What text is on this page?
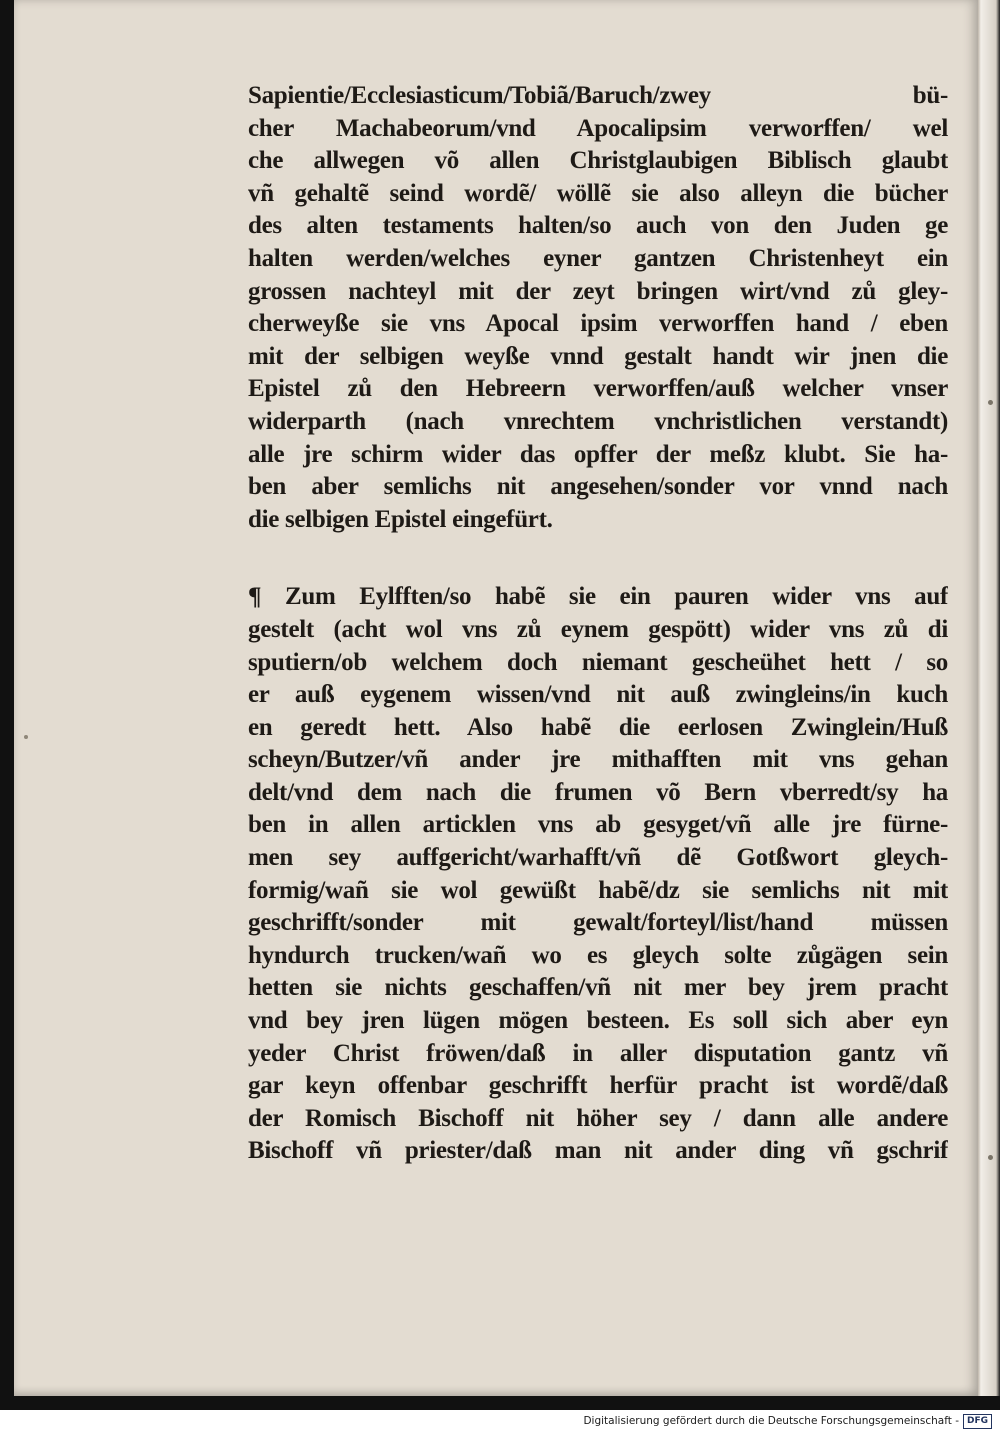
Sapientie/Ecclesiasticum/Tobiã/Baruch/zwey bü-
cher Machabeorum/vnd Apocalipsim verworffen/ wel
che allwegen võ allen Christglaubigen Biblisch glaubt
vñ gehaltẽ seind wordẽ/ wöllẽ sie also alleyn die bücher
des alten testaments halten/so auch von den Juden ge
halten werden/welches eyner gantzen Christenheyt ein
grossen nachteyl mit der zeyt bringen wirt/vnd zů gley-
cherweyße sie vns Apocal ipsim verworffen hand / eben
mit der selbigen weyße vnnd gestalt handt wir jnen die
Epistel zů den Hebreern verworffen/auß welcher vnser
widerparth (nach vnrechtem vnchristlichen verstandt)
alle jre schirm wider das opffer der meßz klubt. Sie ha-
ben aber semlichs nit angesehen/sonder vor vnnd nach
die selbigen Epistel eingefürt.
¶ Zum Eylfften/so habẽ sie ein pauren wider vns auf
gestelt (acht wol vns zů eynem gespött) wider vns zů di
sputiern/ob welchem doch niemant gescheühet hett / so
er auß eygenem wissen/vnd nit auß zwingleins/in kuch
en geredt hett. Also habẽ die eerlosen Zwinglein/Huß
scheyn/Butzer/vñ ander jre mithafften mit vns gehan
delt/vnd dem nach die frumen võ Bern vberredt/sy ha
ben in allen articklen vns ab gesyget/vñ alle jre fürne-
men sey auffgericht/warhafft/vñ dẽ Gotßwort gleych-
formig/wañ sie wol gewüßt habẽ/dz sie semlichs nit mit
geschrifft/sonder mit gewalt/forteyl/list/hand müssen
hyndurch trucken/wañ wo es gleych solte zůgägen sein
hetten sie nichts geschaffen/vñ nit mer bey jrem pracht
vnd bey jren lügen mögen besteen. Es soll sich aber eyn
yeder Christ fröwen/daß in aller disputation gantz vñ
gar keyn offenbar geschrifft herfür pracht ist wordẽ/daß
der Romisch Bischoff nit höher sey / dann alle andere
Bischoff vñ priester/daß man nit ander ding vñ gschrif
Digitalisierung gefördert durch die Deutsche Forschungsgemeinschaft - DFG
